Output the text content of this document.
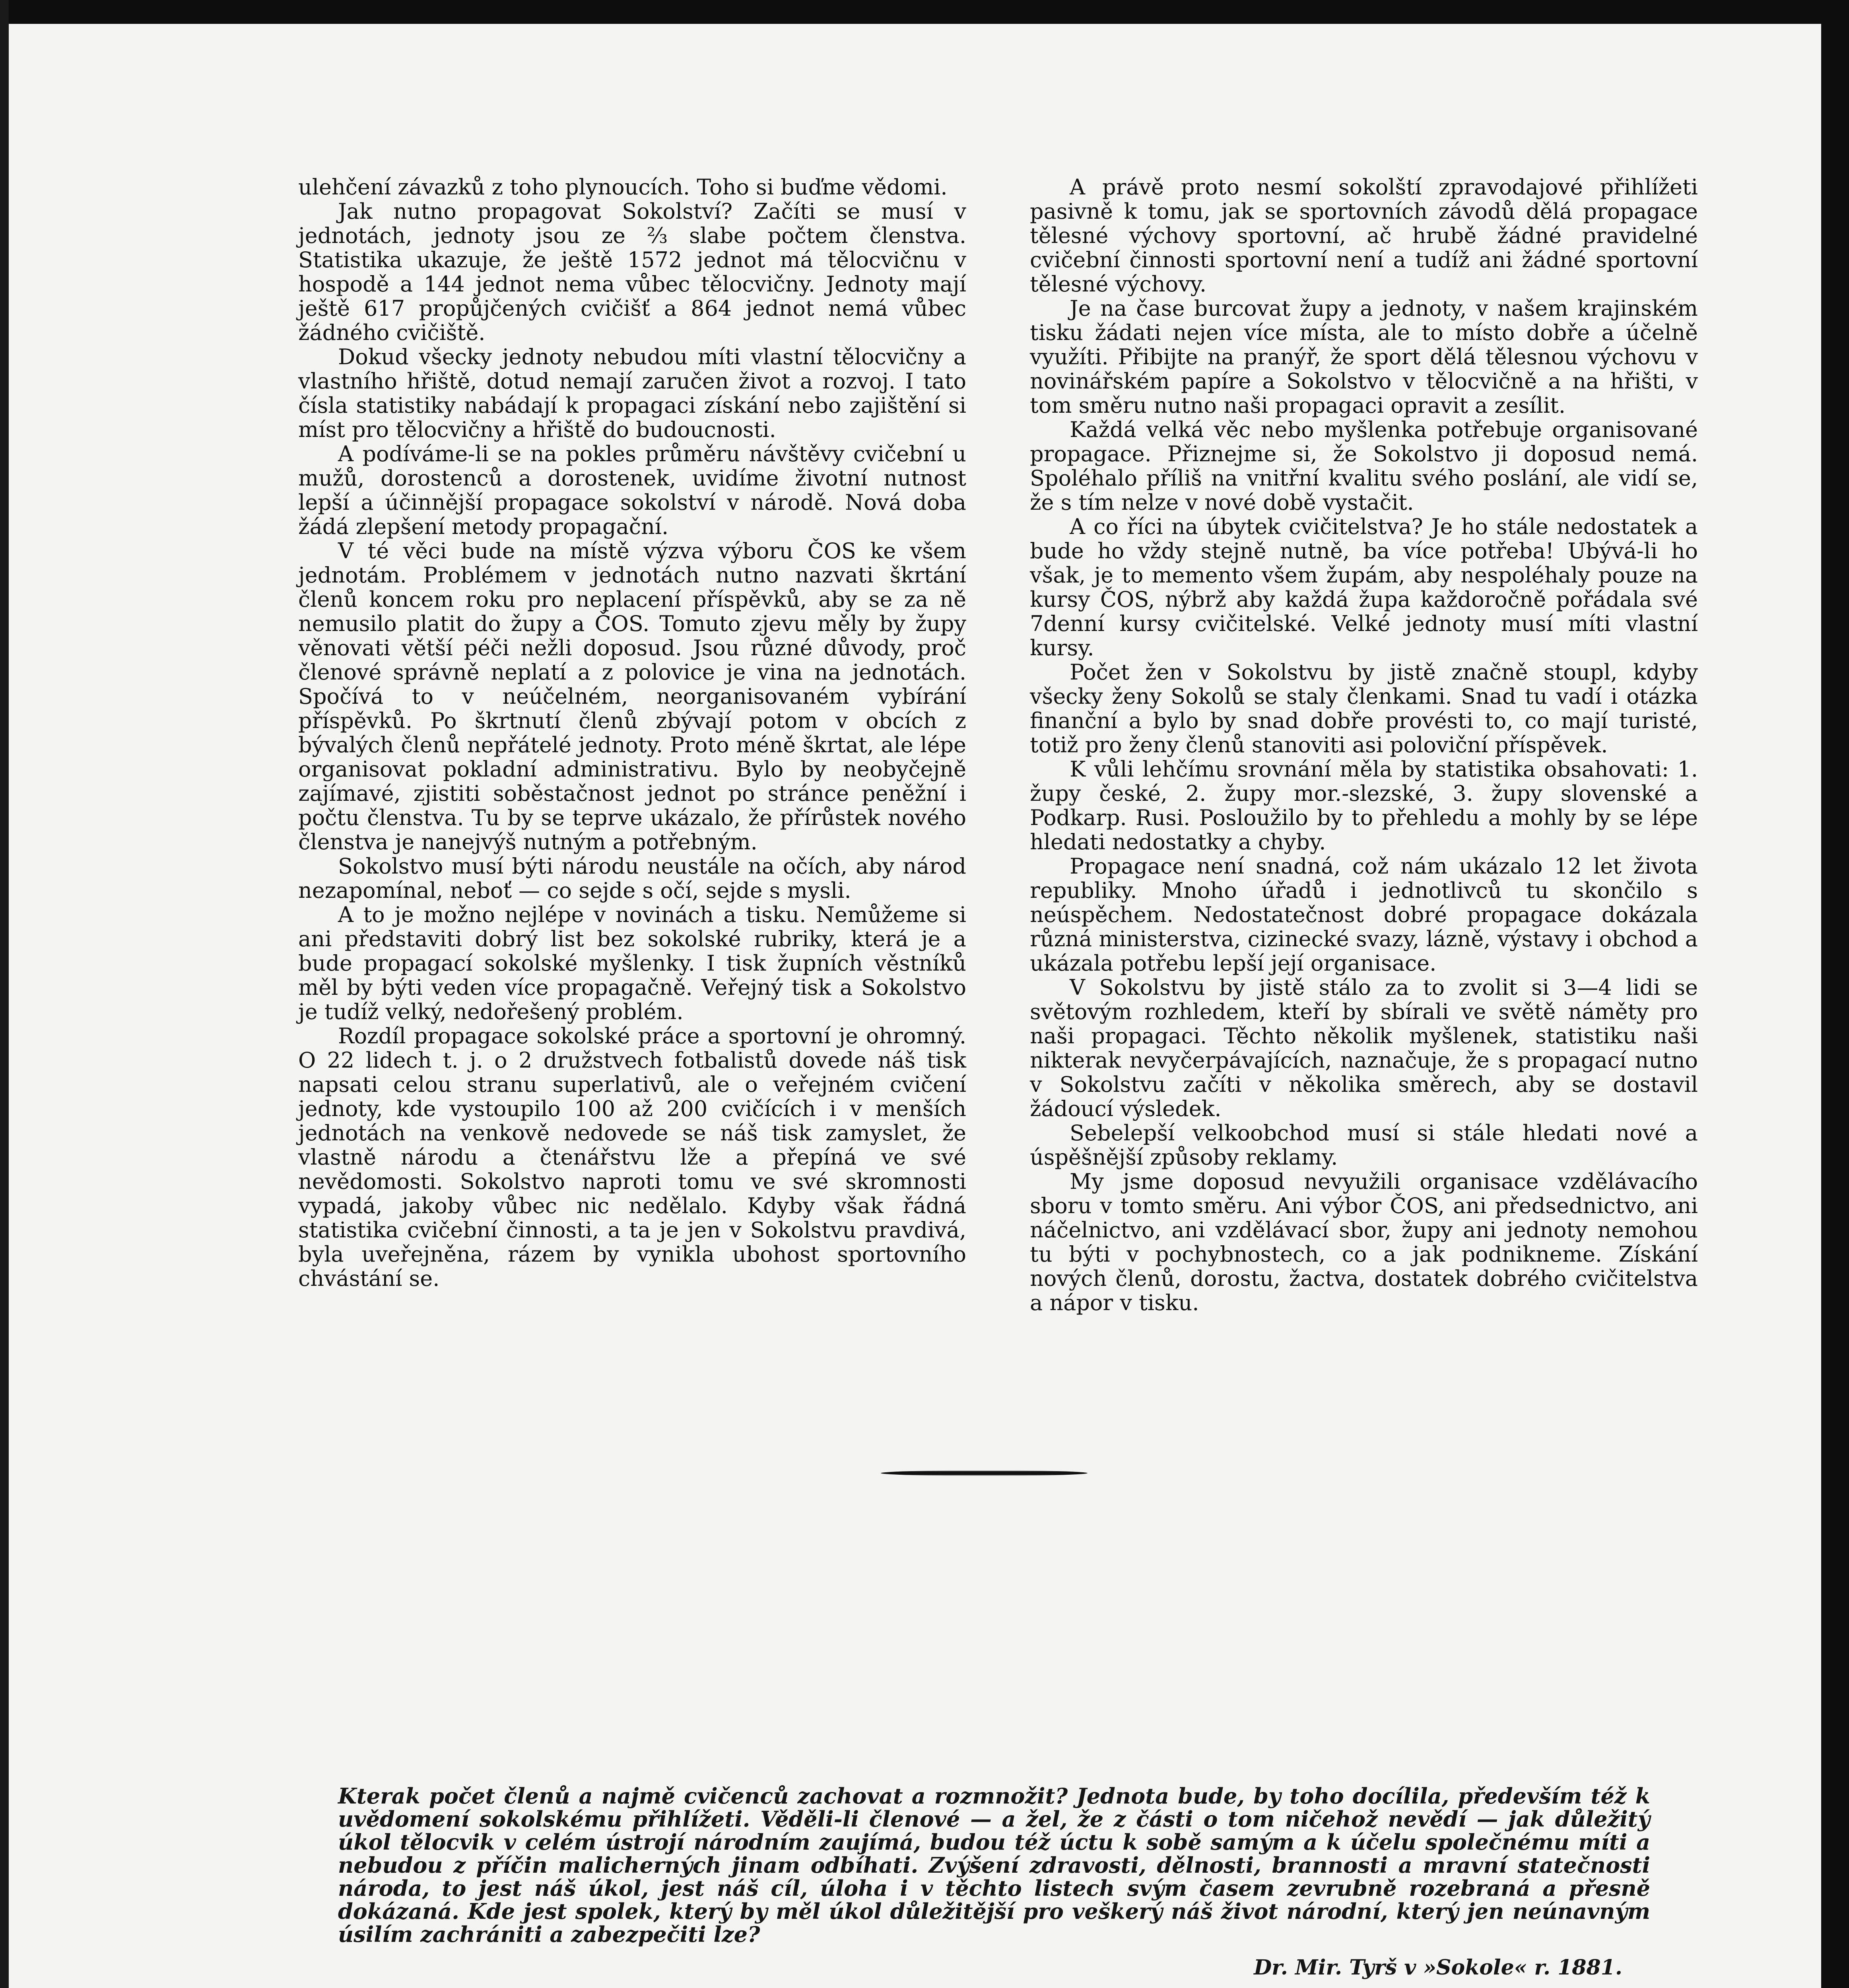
ulehčení závazků z toho plynoucích. Toho si buďme vědomi.

Jak nutno propagovat Sokolství? Začíti se musí v jednotách, jednoty jsou ze ⅔ slabe počtem členstva. Statistika ukazuje, že ještě 1572 jednot má tělocvičnu v hospodě a 144 jednot nema vůbec tělocvičny. Jednoty mají ještě 617 propůjčených cvičišť a 864 jednot nemá vůbec žádného cvičiště.

Dokud všecky jednoty nebudou míti vlastní tělocvičny a vlastního hřiště, dotud nemají zaručen život a rozvoj. I tato čísla statistiky nabádají k propagaci získání nebo zajištění si míst pro tělocvičny a hřiště do budoucnosti.

A podíváme-li se na pokles průměru návštěvy cvičební u mužů, dorostenců a dorostenek, uvidíme životní nutnost lepší a účinnější propagace sokolství v národě. Nová doba žádá zlepšení metody propagační.

V té věci bude na místě výzva výboru ČOS ke všem jednotám. Problémem v jednotách nutno nazvati škrtání členů koncem roku pro neplacení příspěvků, aby se za ně nemusilo platit do župy a ČOS. Tomuto zjevu měly by župy věnovati větší péči nežli doposud. Jsou různé důvody, proč členové správně neplatí a z polovice je vina na jednotách. Spočívá to v neúčelném, neorganisovaném vybírání příspěvků. Po škrtnutí členů zbývají potom v obcích z bývalých členů nepřátelé jednoty. Proto méně škrtat, ale lépe organisovat pokladní administrativu. Bylo by neobyčejně zajímavé, zjistiti soběstačnost jednot po stránce peněžní i počtu členstva. Tu by se teprve ukázalo, že přírůstek nového členstva je nanejvýš nutným a potřebným.

Sokolstvo musí býti národu neustále na očích, aby národ nezapomínal, neboť — co sejde s očí, sejde s mysli.

A to je možno nejlépe v novinách a tisku. Nemůžeme si ani představiti dobrý list bez sokolské rubriky, která je a bude propagací sokolské myšlenky. I tisk župních věstníků měl by býti veden více propagačně. Veřejný tisk a Sokolstvo je tudíž velký, nedořešený problém.

Rozdíl propagace sokolské práce a sportovní je ohromný. O 22 lidech t. j. o 2 družstvech fotbalistů dovede náš tisk napsati celou stranu superlativů, ale o veřejném cvičení jednoty, kde vystoupilo 100 až 200 cvičících i v menších jednotách na venkově nedovede se náš tisk zamyslet, že vlastně národu a čtenářstvu lže a přepíná ve své nevědomosti. Sokolstvo naproti tomu ve své skromnosti vypadá, jakoby vůbec nic nedělalo. Kdyby však řádná statistika cvičební činnosti, a ta je jen v Sokolstvu pravdivá, byla uveřejněna, rázem by vynikla ubohost sportovního chvástání se.

A právě proto nesmí sokolští zpravodajové přihlížeti pasivně k tomu, jak se sportovních závodů dělá propagace tělesné výchovy sportovní, ač hrubě žádné pravidelné cvičební činnosti sportovní není a tudíž ani žádné sportovní tělesné výchovy.

Je na čase burcovat župy a jednoty, v našem krajinském tisku žádati nejen více místa, ale to místo dobře a účelně využíti. Přibijte na pranýř, že sport dělá tělesnou výchovu v novinářském papíre a Sokolstvo v tělocvičně a na hřišti, v tom směru nutno naši propagaci opravit a zesílit.

Každá velká věc nebo myšlenka potřebuje organisované propagace. Přiznejme si, že Sokolstvo ji doposud nemá. Spoléhalo příliš na vnitřní kvalitu svého poslání, ale vidí se, že s tím nelze v nové době vystačit.

A co říci na úbytek cvičitelstva? Je ho stále nedostatek a bude ho vždy stejně nutně, ba více potřeba! Ubývá-li ho však, je to memento všem župám, aby nespoléhaly pouze na kursy ČOS, nýbrž aby každá župa každoročně pořádala své 7denní kursy cvičitelské. Velké jednoty musí míti vlastní kursy.

Počet žen v Sokolstvu by jistě značně stoupl, kdyby všecky ženy Sokolů se staly členkami. Snad tu vadí i otázka finanční a bylo by snad dobře provésti to, co mají turisté, totiž pro ženy členů stanoviti asi poloviční příspěvek.

K vůli lehčímu srovnání měla by statistika obsahovati: 1. župy české, 2. župy mor.-slezské, 3. župy slovenské a Podkarp. Rusi. Posloužilo by to přehledu a mohly by se lépe hledati nedostatky a chyby.

Propagace není snadná, což nám ukázalo 12 let života republiky. Mnoho úřadů i jednotlivců tu skončilo s neúspěchem. Nedostatečnost dobré propagace dokázala různá ministerstva, cizinecké svazy, lázně, výstavy i obchod a ukázala potřebu lepší její organisace.

V Sokolstvu by jistě stálo za to zvolit si 3—4 lidi se světovým rozhledem, kteří by sbírali ve světě náměty pro naši propagaci. Těchto několik myšlenek, statistiku naši nikterak nevyčerpávajících, naznačuje, že s propagací nutno v Sokolstvu začíti v několika směrech, aby se dostavil žádoucí výsledek.

Sebelepší velkoobchod musí si stále hledati nové a úspěšnější způsoby reklamy.

My jsme doposud nevyužili organisace vzdělávacího sboru v tomto směru. Ani výbor ČOS, ani předsednictvo, ani náčelnictvo, ani vzdělávací sbor, župy ani jednoty nemohou tu býti v pochybnostech, co a jak podnikneme. Získání nových členů, dorostu, žactva, dostatek dobrého cvičitelstva a nápor v tisku.

Kterak počet členů a najmě cvičenců zachovat a rozmnožit? Jednota bude, by toho docílila, především též k uvědomení sokolskému přihlížeti. Věděli-li členové — a žel, že z části o tom ničehož nevědí — jak důležitý úkol tělocvik v celém ústrojí národním zaujímá, budou též úctu k sobě samým a k účelu společnému míti a nebudou z příčin malicherných jinam odbíhati. Zvýšení zdravosti, dělnosti, brannosti a mravní statečnosti národa, to jest náš úkol, jest náš cíl, úloha i v těchto listech svým časem zevrubně rozebraná a přesně dokázaná. Kde jest spolek, který by měl úkol důležitější pro veškerý náš život národní, který jen neúnavným úsilím zachrániti a zabezpečiti lze?
Dr. Mir. Tyrš v »Sokole« r. 1881.
